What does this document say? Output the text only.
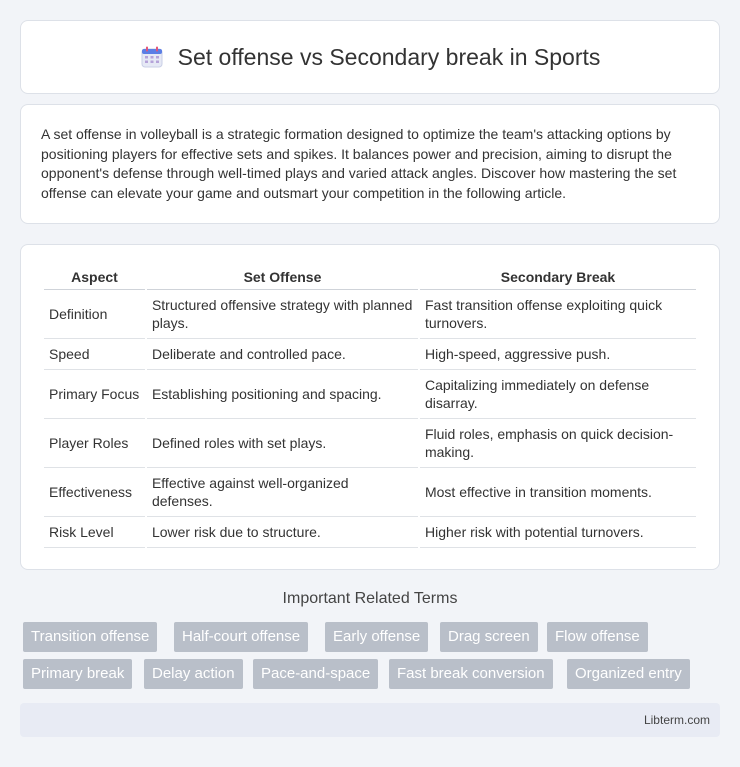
Set offense vs Secondary break in Sports

A set offense in volleyball is a strategic formation designed to optimize the team's attacking options by positioning players for effective sets and spikes. It balances power and precision, aiming to disrupt the opponent's defense through well-timed plays and varied attack angles. Discover how mastering the set offense can elevate your game and outsmart your competition in the following article.

Aspect	Set Offense	Secondary Break
Definition	Structured offensive strategy with planned plays.	Fast transition offense exploiting quick turnovers.
Speed	Deliberate and controlled pace.	High-speed, aggressive push.
Primary Focus	Establishing positioning and spacing.	Capitalizing immediately on defense disarray.
Player Roles	Defined roles with set plays.	Fluid roles, emphasis on quick decision-making.
Effectiveness	Effective against well-organized defenses.	Most effective in transition moments.
Risk Level	Lower risk due to structure.	Higher risk with potential turnovers.
Important Related Terms
Transition offense	Half-court offense	Early offense	Drag screen	Flow offense
Primary break	Delay action	Pace-and-space	Fast break conversion	Organized entry
Libterm.com
